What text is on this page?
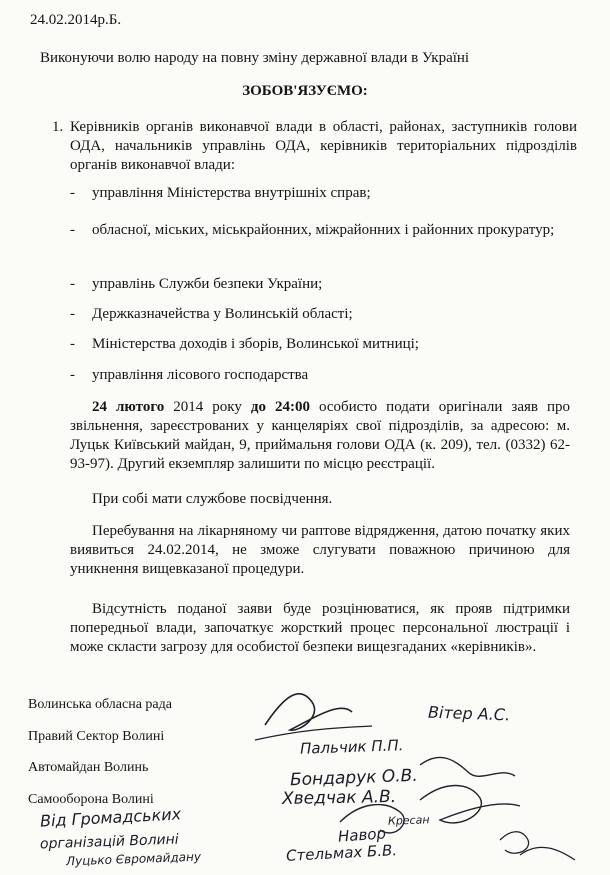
24.02.2014р.Б.
Виконуючи волю народу на повну зміну державної влади в Україні
ЗОБОВ'ЯЗУЄМО:
1. Керівників органів виконавчої влади в області, районах, заступників голови ОДА, начальників управлінь ОДА, керівників територіальних підрозділів органів виконавчої влади:
- управління Міністерства внутрішніх справ;
- обласної, міських, міськрайонних, міжрайонних і районних прокуратур;
- управлінь Служби безпеки України;
- Держказначейства у Волинській області;
- Міністерства доходів і зборів, Волинської митниці;
- управління лісового господарства
24 лютого 2014 року до 24:00 особисто подати оригінали заяв про звільнення, зареєстрованих у канцеляріях свої підрозділів, за адресою: м. Луцьк Київський майдан, 9, приймальня голови ОДА (к. 209), тел. (0332) 62-93-97). Другий екземпляр залишити по місцю реєстрації.
При собі мати службове посвідчення.
Перебування на лікарняному чи раптове відрядження, датою початку яких виявиться 24.02.2014, не зможе слугувати поважною причиною для уникнення вищевказаної процедури.
Відсутність поданої заяви буде розцінюватися, як прояв підтримки попередньої влади, започаткує жорсткий процес персональної люстрації і може скласти загрозу для особистої безпеки вищезгаданих «керівників».
Волинська обласна рада
Правий Сектор Волині
Автомайдан Волинь
Самооборона Волині
Від Громадських
організацій Волині
Луцько Євромайдану
Вітер А.С.
Пальчик П.П.
Бондарук О.В.
Хведчак А.В.
Кресан
Навор
Стельмах Б.В.
